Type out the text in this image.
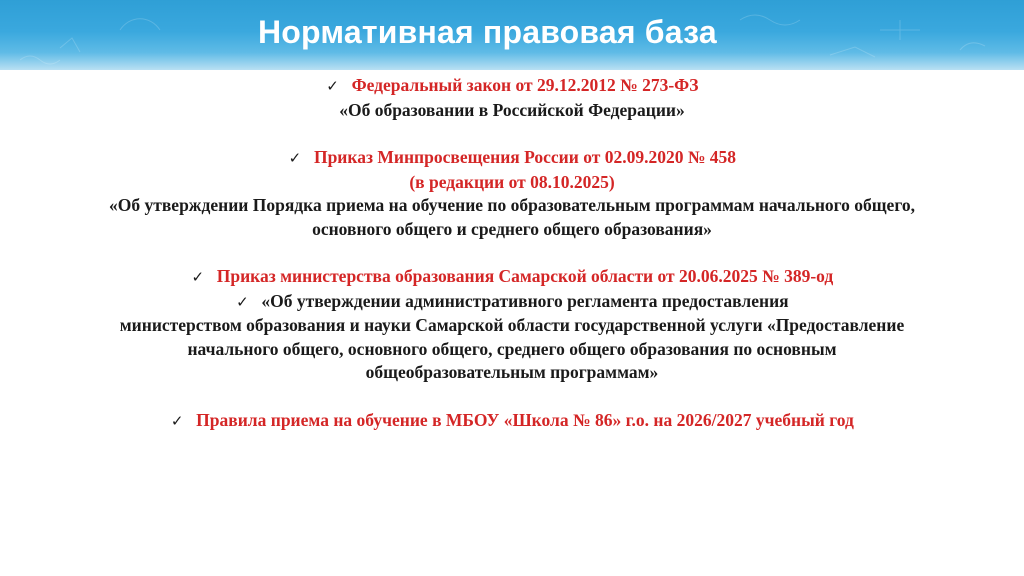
Нормативная правовая база
✓ Федеральный закон от 29.12.2012 № 273-ФЗ
«Об образовании в Российской Федерации»
✓ Приказ Минпросвещения России от 02.09.2020 № 458
(в редакции от 08.10.2025)
«Об утверждении Порядка приема на обучение по образовательным программам начального общего,
основного общего и среднего общего образования»
✓ Приказ министерства образования Самарской области от 20.06.2025 № 389-од
✓ «Об утверждении административного регламента предоставления
министерством образования и науки Самарской области государственной услуги «Предоставление
начального общего, основного общего, среднего общего образования по основным
общеобразовательным программам»
✓ Правила приема на обучение в МБОУ «Школа № 86» г.о. на 2026/2027 учебный год
